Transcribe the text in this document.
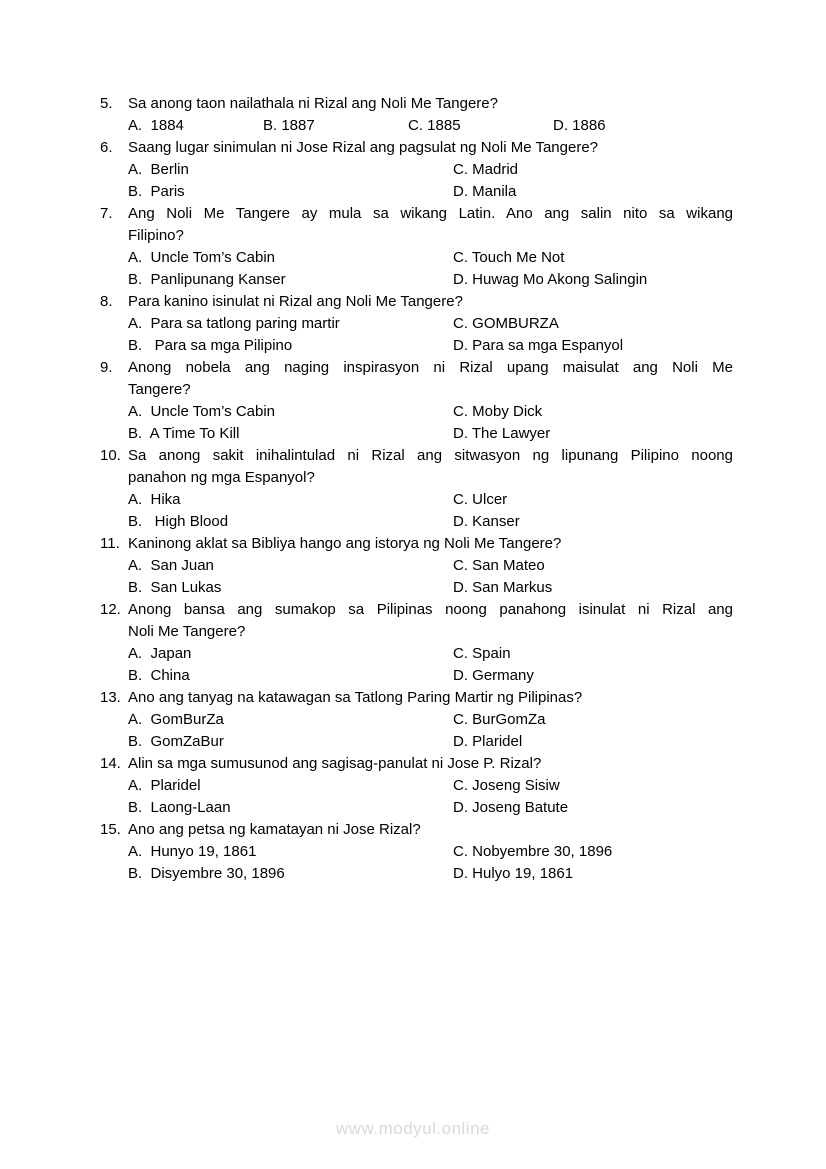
5.	Sa anong taon nailathala ni Rizal ang Noli Me Tangere?
A.  1884	B. 1887	C. 1885	D. 1886
6.	Saang lugar sinimulan ni Jose Rizal ang pagsulat ng Noli Me Tangere?
A.  Berlin
B.  Paris
C. Madrid
D. Manila
7.	Ang Noli Me Tangere ay mula sa wikang Latin. Ano ang salin nito sa wikang
Filipino?
A.  Uncle Tom’s Cabin
B.  Panlipunang Kanser
C. Touch Me Not
D. Huwag Mo Akong Salingin
8.	Para kanino isinulat ni Rizal ang Noli Me Tangere?
A.  Para sa tatlong paring martir
B.   Para sa mga Pilipino
C. GOMBURZA
D. Para sa mga Espanyol
9.	Anong nobela ang naging inspirasyon ni Rizal upang maisulat ang Noli Me
Tangere?
A.  Uncle Tom’s Cabin
B.  A Time To Kill
C. Moby Dick
D. The Lawyer
10. Sa anong sakit inihalintulad ni Rizal ang sitwasyon ng lipunang Pilipino noong
panahon ng mga Espanyol?
A.  Hika
B.   High Blood
C. Ulcer
D. Kanser
11. Kaninong aklat sa Bibliya hango ang istorya ng Noli Me Tangere?
A.  San Juan
B.  San Lukas
C. San Mateo
D. San Markus
12. Anong bansa ang sumakop sa Pilipinas noong panahong isinulat ni Rizal ang
Noli Me Tangere?
A.  Japan
B.  China
C. Spain
D. Germany
13. Ano ang tanyag na katawagan sa Tatlong Paring Martir ng Pilipinas?
A.  GomBurZa
B.  GomZaBur
C. BurGomZa
D. Plaridel
14. Alin sa mga sumusunod ang sagisag-panulat ni Jose P. Rizal?
A.  Plaridel
B.  Laong-Laan
C. Joseng Sisiw
D. Joseng Batute
15. Ano ang petsa ng kamatayan ni Jose Rizal?
A.  Hunyo 19, 1861
B.  Disyembre 30, 1896
C. Nobyembre 30, 1896
D. Hulyo 19, 1861
www.modyul.online
